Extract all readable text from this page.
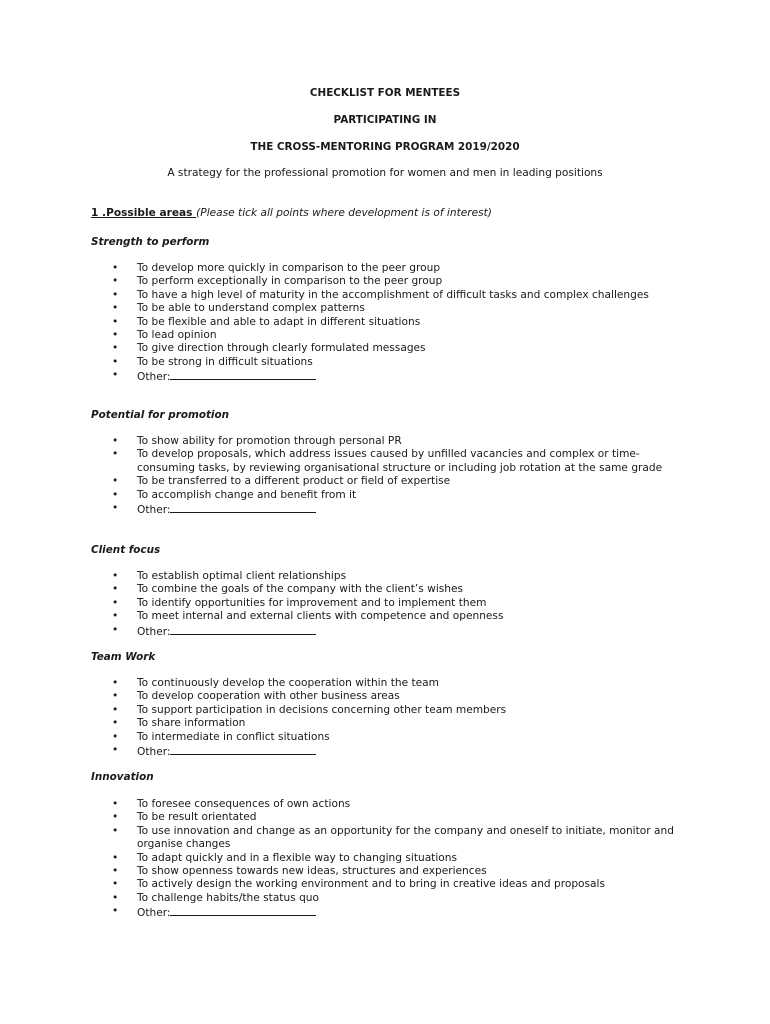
CHECKLIST FOR MENTEES
PARTICIPATING IN
THE CROSS-MENTORING PROGRAM 2019/2020
A strategy for the professional promotion for women and men in leading positions
1 .Possible areas (Please tick all points where development is of interest)
Strength to perform
• To develop more quickly in comparison to the peer group
• To perform exceptionally in comparison to the peer group
• To have a high level of maturity in the accomplishment of difficult tasks and complex challenges
• To be able to understand complex patterns
• To be flexible and able to adapt in different situations
• To lead opinion
• To give direction through clearly formulated messages
• To be strong in difficult situations
• Other:
Potential for promotion
• To show ability for promotion through personal PR
• To develop proposals, which address issues caused by unfilled vacancies and complex or time-consuming tasks, by reviewing organisational structure or including job rotation at the same grade
• To be transferred to a different product or field of expertise
• To accomplish change and benefit from it
• Other:
Client focus
• To establish optimal client relationships
• To combine the goals of the company with the client’s wishes
• To identify opportunities for improvement and to implement them
• To meet internal and external clients with competence and openness
• Other:
Team Work
• To continuously develop the cooperation within the team
• To develop cooperation with other business areas
• To support participation in decisions concerning other team members
• To share information
• To intermediate in conflict situations
• Other:
Innovation
• To foresee consequences of own actions
• To be result orientated
• To use innovation and change as an opportunity for the company and oneself to initiate, monitor and organise changes
• To adapt quickly and in a flexible way to changing situations
• To show openness towards new ideas, structures and experiences
• To actively design the working environment and to bring in creative ideas and proposals
• To challenge habits/the status quo
• Other:
